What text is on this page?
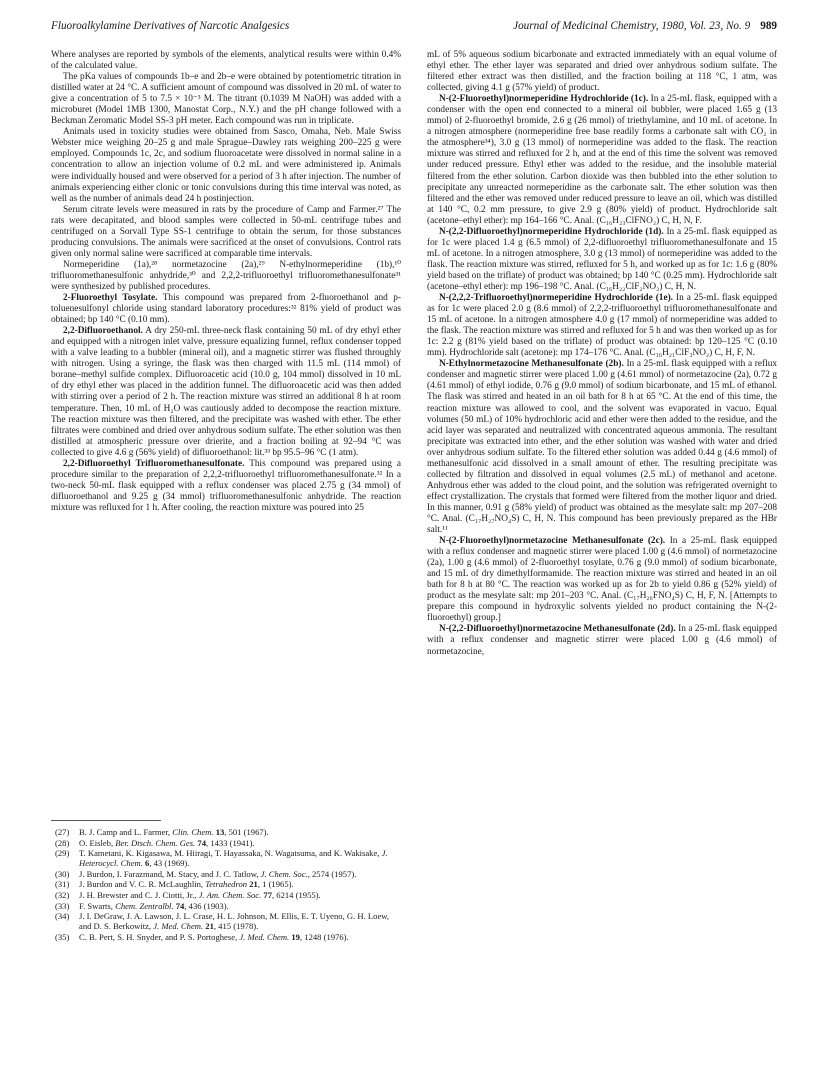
Fluoroalkylamine Derivatives of Narcotic Analgesics	Journal of Medicinal Chemistry, 1980, Vol. 23, No. 9 989

Where analyses are reported by symbols of the elements, analytical results were within 0.4% of the calculated value.

The pKa values of compounds 1b–e and 2b–e were obtained by potentiometric titration in distilled water at 24 °C. A sufficient amount of compound was dissolved in 20 mL of water to give a concentration of 5 to 7.5 × 10⁻³ M. The titrant (0.1039 M NaOH) was added with a microburet (Model 1MB 1300, Manostat Corp., N.Y.) and the pH change followed with a Beckman Zeromatic Model SS-3 pH meter. Each compound was run in triplicate.

Animals used in toxicity studies were obtained from Sasco, Omaha, Neb. Male Swiss Webster mice weighing 20–25 g and male Sprague–Dawley rats weighing 200–225 g were employed. Compounds 1c, 2c, and sodium fluoroacetate were dissolved in normal saline in a concentration to allow an injection volume of 0.2 mL and were administered ip. Animals were individually housed and were observed for a period of 3 h after injection. The number of animals experiencing either clonic or tonic convulsions during this time interval was noted, as well as the number of animals dead 24 h postinjection.

Serum citrate levels were measured in rats by the procedure of Camp and Farmer.²⁷ The rats were decapitated, and blood samples were collected in 50-mL centrifuge tubes and centrifuged on a Sorvall Type SS-1 centrifuge to obtain the serum, for those substances producing convulsions. The animals were sacrificed at the onset of convulsions. Control rats given only normal saline were sacrificed at comparable time intervals.

Normeperidine (1a),²⁸ normetazocine (2a),²⁹ N-ethylnormeperidine (1b),¹⁰ trifluoromethanesulfonic anhydride,³⁰ and 2,2,2-trifluoroethyl trifluoromethanesulfonate³¹ were synthesized by published procedures.

2-Fluoroethyl Tosylate. This compound was prepared from 2-fluoroethanol and p-toluenesulfonyl chloride using standard laboratory procedures:³² 81% yield of product was obtained; bp 140 °C (0.10 mm).

2,2-Difluoroethanol. A dry 250-mL three-neck flask containing 50 mL of dry ethyl ether and equipped with a nitrogen inlet valve, pressure equalizing funnel, reflux condenser topped with a valve leading to a bubbler (mineral oil), and a magnetic stirrer was flushed throughly with nitrogen. Using a syringe, the flask was then charged with 11.5 mL (114 mmol) of borane–methyl sulfide complex. Difluoroacetic acid (10.0 g, 104 mmol) dissolved in 10 mL of dry ethyl ether was placed in the addition funnel. The difluoroacetic acid was then added with stirring over a period of 2 h. The reaction mixture was stirred an additional 8 h at room temperature. Then, 10 mL of H₂O was cautiously added to decompose the reaction mixture. The reaction mixture was then filtered, and the precipitate was washed with ether. The ether filtrates were combined and dried over anhydrous sodium sulfate. The ether solution was then distilled at atmospheric pressure over drierite, and a fraction boiling at 92–94 °C was collected to give 4.6 g (56% yield) of difluoroethanol: lit.³³ bp 95.5–96 °C (1 atm).

2,2-Difluoroethyl Trifluoromethanesulfonate. This compound was prepared using a procedure similar to the preparation of 2,2,2-trifluoroethyl trifluoromethanesulfonate.³² In a two-neck 50-mL flask equipped with a reflux condenser was placed 2.75 g (34 mmol) of difluoroethanol and 9.25 g (34 mmol) trifluoromethanesulfonic anhydride. The reaction mixture was refluxed for 1 h. After cooling, the reaction mixture was poured into 25

(27)	B. J. Camp and L. Farmer, Clin. Chem. 13, 501 (1967).
(28)	O. Eisleb, Ber. Dtsch. Chem. Ges. 74, 1433 (1941).
(29)	T. Kametani, K. Kigasawa, M. Hiiragi, T. Hayassaka, N. Wagatsuma, and K. Wakisake, J. Heterocycl. Chem. 6, 43 (1969).
(30)	J. Burdon, I. Farazmand, M. Stacy, and J. C. Tatlow, J. Chem. Soc., 2574 (1957).
(31)	J. Burdon and V. C. R. McLaughlin, Tetrahedron 21, 1 (1965).
(32)	J. H. Brewster and C. J. Ciotti, Jr., J. Am. Chem. Soc. 77, 6214 (1955).
(33)	F. Swarts, Chem. Zentralbl. 74, 436 (1903).
(34)	J. I. DeGraw, J. A. Lawson, J. L. Crase, H. L. Johnson, M. Ellis, E. T. Uyeno, G. H. Loew, and D. S. Berkowitz, J. Med. Chem. 21, 415 (1978).
(35)	C. B. Pert, S. H. Snyder, and P. S. Portoghese, J. Med. Chem. 19, 1248 (1976).

mL of 5% aqueous sodium bicarbonate and extracted immediately with an equal volume of ethyl ether. The ether layer was separated and dried over anhydrous sodium sulfate. The filtered ether extract was then distilled, and the fraction boiling at 118 °C, 1 atm, was collected, giving 4.1 g (57% yield) of product.

N-(2-Fluoroethyl)normeperidine Hydrochloride (1c). In a 25-mL flask, equipped with a condenser with the open end connected to a mineral oil bubbler, were placed 1.65 g (13 mmol) of 2-fluoroethyl bromide, 2.6 g (26 mmol) of triethylamine, and 10 mL of acetone. In a nitrogen atmosphere (normeperidine free base readily forms a carbonate salt with CO₂ in the atmosphere³⁴), 3.0 g (13 mmol) of normeperidine was added to the flask. The reaction mixture was stirred and refluxed for 2 h, and at the end of this time the solvent was removed under reduced pressure. Ethyl ether was added to the residue, and the insoluble material filtered from the ether solution. Carbon dioxide was then bubbled into the ether solution to precipitate any unreacted normeperidine as the carbonate salt. The ether solution was then filtered and the ether was removed under reduced pressure to leave an oil, which was distilled at 140 °C, 0.2 mm pressure, to give 2.9 g (80% yield) of product. Hydrochloride salt (acetone–ethyl ether): mp 164–166 °C. Anal. (C₁₆H₂₃ClFNO₂) C, H, N, F.

N-(2,2-Difluoroethyl)normeperidine Hydrochloride (1d). In a 25-mL flask equipped as for 1c were placed 1.4 g (6.5 mmol) of 2,2-difluoroethyl trifluoromethanesulfonate and 15 mL of acetone. In a nitrogen atmosphere, 3.0 g (13 mmol) of normeperidine was added to the flask. The reaction mixture was stirred, refluxed for 5 h, and worked up as for 1c: 1.6 g (80% yield based on the triflate) of product was obtained; bp 140 °C (0.25 mm). Hydrochloride salt (acetone–ethyl ether): mp 196–198 °C. Anal. (C₁₆H₂₂ClF₂NO₂) C, H, N.

N-(2,2,2-Trifluoroethyl)normeperidine Hydrochloride (1e). In a 25-mL flask equipped as for 1c were placed 2.0 g (8.6 mmol) of 2,2,2-trifluoroethyl trifluoromethanesulfonate and 15 mL of acetone. In a nitrogen atmosphere 4.0 g (17 mmol) of normeperidine was added to the flask. The reaction mixture was stirred and refluxed for 5 h and was then worked up as for 1c: 2.2 g (81% yield based on the triflate) of product was obtained: bp 120–125 °C (0.10 mm). Hydrochloride salt (acetone): mp 174–176 °C. Anal. (C₁₆H₂₁ClF₃NO₂) C, H, F, N.

N-Ethylnormetazocine Methanesulfonate (2b). In a 25-mL flask equipped with a reflux condenser and magnetic stirrer were placed 1.00 g (4.61 mmol) of normetazocine (2a), 0.72 g (4.61 mmol) of ethyl iodide, 0.76 g (9.0 mmol) of sodium bicarbonate, and 15 mL of ethanol. The flask was stirred and heated in an oil bath for 8 h at 65 °C. At the end of this time, the reaction mixture was allowed to cool, and the solvent was evaporated in vacuo. Equal volumes (50 mL) of 10% hydrochloric acid and ether were then added to the residue, and the acid layer was separated and neutralized with concentrated aqueous ammonia. The resultant precipitate was extracted into ether, and the ether solution was washed with water and dried over anhydrous sodium sulfate. To the filtered ether solution was added 0.44 g (4.6 mmol) of methanesulfonic acid dissolved in a small amount of ether. The resulting precipitate was collected by filtration and dissolved in equal volumes (2.5 mL) of methanol and acetone. Anhydrous ether was added to the cloud point, and the solution was refrigerated overnight to effect crystallization. The crystals that formed were filtered from the mother liquor and dried. In this manner, 0.91 g (58% yield) of product was obtained as the mesylate salt: mp 207–208 °C. Anal. (C₁₇H₂₇NO₄S) C, H, N. This compound has been previously prepared as the HBr salt.¹¹

N-(2-Fluoroethyl)normetazocine Methanesulfonate (2c). In a 25-mL flask equipped with a reflux condenser and magnetic stirrer were placed 1.00 g (4.6 mmol) of normetazocine (2a), 1.00 g (4.6 mmol) of 2-fluoroethyl tosylate, 0.76 g (9.0 mmol) of sodium bicarbonate, and 15 mL of dry dimethylformamide. The reaction mixture was stirred and heated in an oil bath for 8 h at 80 °C. The reaction was worked up as for 2b to yield 0.86 g (52% yield) of product as the mesylate salt: mp 201–203 °C. Anal. (C₁₇H₂₆FNO₄S) C, H, F, N. [Attempts to prepare this compound in hydroxylic solvents yielded no product containing the N-(2-fluoroethyl) group.]

N-(2,2-Difluoroethyl)normetazocine Methanesulfonate (2d). In a 25-mL flask equipped with a reflux condenser and magnetic stirrer were placed 1.00 g (4.6 mmol) of normetazocine,
